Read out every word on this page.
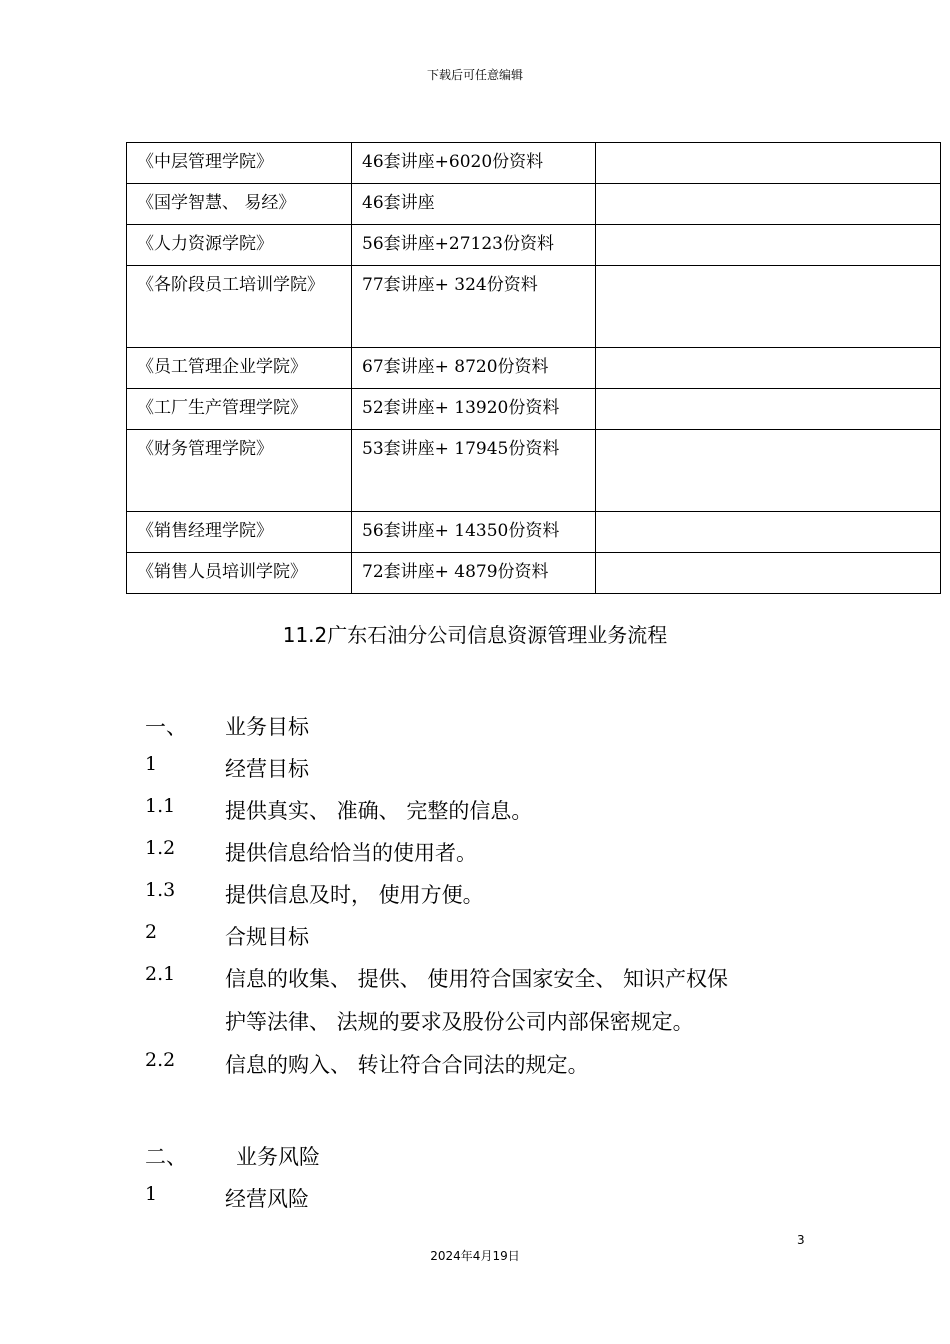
下载后可任意编辑
《中层管理学院》	46套讲座+6020份资料	

《国学智慧、 易经》	46套讲座	

《人力资源学院》	56套讲座+27123份资料	

《各阶段员工培训学院》	77套讲座+ 324份资料	

《员工管理企业学院》	67套讲座+ 8720份资料	

《工厂生产管理学院》	52套讲座+ 13920份资料	

《财务管理学院》	53套讲座+ 17945份资料	

《销售经理学院》	56套讲座+ 14350份资料	

《销售人员培训学院》	72套讲座+ 4879份资料	

11.2广东石油分公司信息资源管理业务流程
一、 业务目标
1	经营目标
1.1 提供真实、 准确、 完整的信息。
1.2 提供信息给恰当的使用者。
1.3 提供信息及时， 使用方便。
2	合规目标
2.1 信息的收集、 提供、 使用符合国家安全、 知识产权保
护等法律、 法规的要求及股份公司内部保密规定。
2.2 信息的购入、 转让符合合同法的规定。
二、 业务风险
1	经营风险
3
2024年4月19日
